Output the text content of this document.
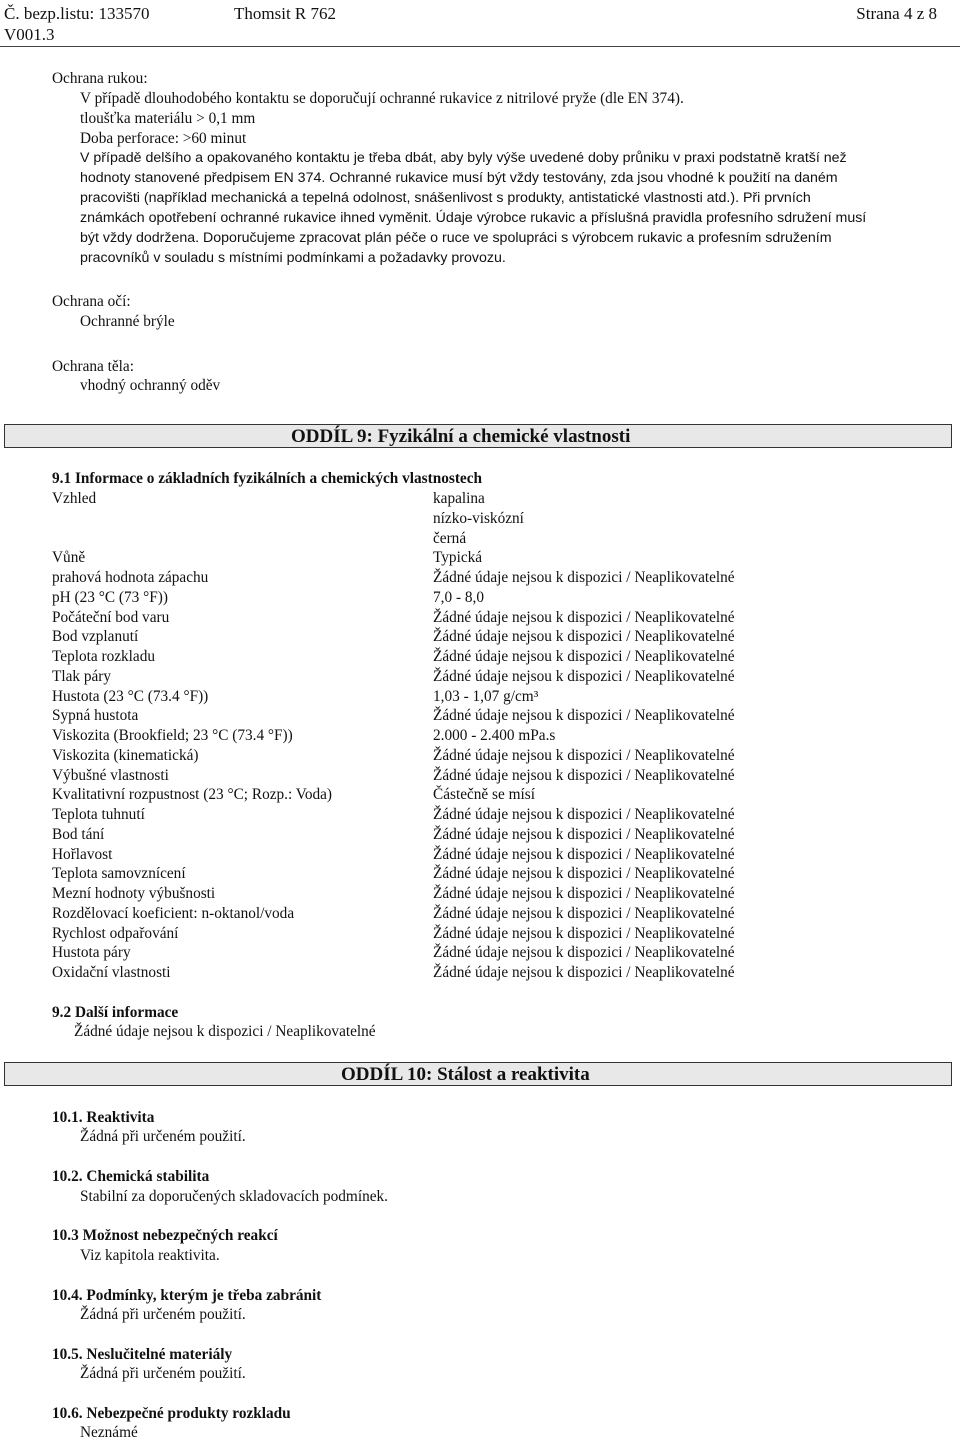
Č. bezp.listu: 133570	Thomsit R 762	Strana 4 z 8
V001.3
Ochrana rukou:
V případě dlouhodobého kontaktu se doporučují ochranné rukavice z nitrilové pryže (dle EN 374).
tloušťka materiálu > 0,1 mm
Doba perforace: >60 minut
V případě delšího a opakovaného kontaktu je třeba dbát, aby byly výše uvedené doby průniku v praxi podstatně kratší než
hodnoty stanovené předpisem EN 374. Ochranné rukavice musí být vždy testovány, zda jsou vhodné k použití na daném
pracovišti (například mechanická a tepelná odolnost, snášenlivost s produkty, antistatické vlastnosti atd.). Při prvních
známkách opotřebení ochranné rukavice ihned vyměnit. Údaje výrobce rukavic a příslušná pravidla profesního sdružení musí
být vždy dodržena. Doporučujeme zpracovat plán péče o ruce ve spolupráci s výrobcem rukavic a profesním sdružením
pracovníků v souladu s místními podmínkami a požadavky provozu.
Ochrana očí:
Ochranné brýle
Ochrana těla:
vhodný ochranný oděv
ODDÍL 9: Fyzikální a chemické vlastnosti
9.1 Informace o základních fyzikálních a chemických vlastnostech
Vzhled	kapalina
nízko-viskózní
černá
Vůně	Typická
prahová hodnota zápachu	Žádné údaje nejsou k dispozici / Neaplikovatelné
pH (23 °C (73 °F))	7,0 - 8,0
Počáteční bod varu	Žádné údaje nejsou k dispozici / Neaplikovatelné
Bod vzplanutí	Žádné údaje nejsou k dispozici / Neaplikovatelné
Teplota rozkladu	Žádné údaje nejsou k dispozici / Neaplikovatelné
Tlak páry	Žádné údaje nejsou k dispozici / Neaplikovatelné
Hustota (23 °C (73.4 °F))	1,03 - 1,07 g/cm³
Sypná hustota	Žádné údaje nejsou k dispozici / Neaplikovatelné
Viskozita (Brookfield; 23 °C (73.4 °F))	2.000 - 2.400 mPa.s
Viskozita (kinematická)	Žádné údaje nejsou k dispozici / Neaplikovatelné
Výbušné vlastnosti	Žádné údaje nejsou k dispozici / Neaplikovatelné
Kvalitativní rozpustnost (23 °C; Rozp.: Voda)	Částečně se mísí
Teplota tuhnutí	Žádné údaje nejsou k dispozici / Neaplikovatelné
Bod tání	Žádné údaje nejsou k dispozici / Neaplikovatelné
Hořlavost	Žádné údaje nejsou k dispozici / Neaplikovatelné
Teplota samovznícení	Žádné údaje nejsou k dispozici / Neaplikovatelné
Mezní hodnoty výbušnosti	Žádné údaje nejsou k dispozici / Neaplikovatelné
Rozdělovací koeficient: n-oktanol/voda	Žádné údaje nejsou k dispozici / Neaplikovatelné
Rychlost odpařování	Žádné údaje nejsou k dispozici / Neaplikovatelné
Hustota páry	Žádné údaje nejsou k dispozici / Neaplikovatelné
Oxidační vlastnosti	Žádné údaje nejsou k dispozici / Neaplikovatelné
9.2 Další informace
Žádné údaje nejsou k dispozici / Neaplikovatelné
ODDÍL 10: Stálost a reaktivita
10.1. Reaktivita
Žádná při určeném použití.
10.2. Chemická stabilita
Stabilní za doporučených skladovacích podmínek.
10.3 Možnost nebezpečných reakcí
Viz kapitola reaktivita.
10.4. Podmínky, kterým je třeba zabránit
Žádná při určeném použití.
10.5. Neslučitelné materiály
Žádná při určeném použití.
10.6. Nebezpečné produkty rozkladu
Neznámé
